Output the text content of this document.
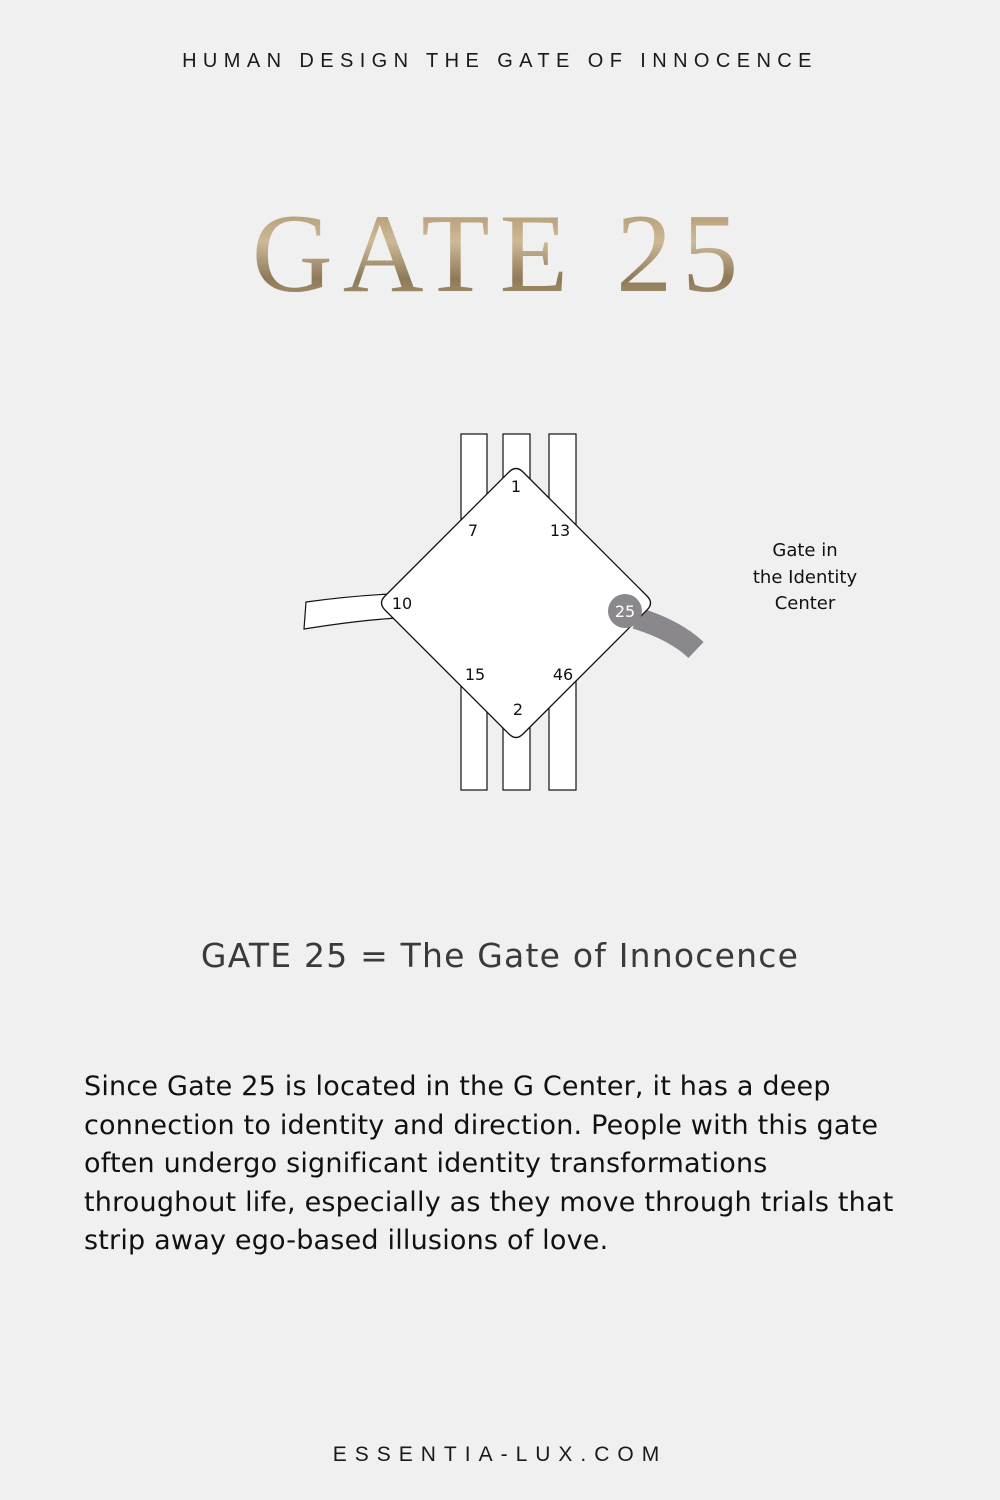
HUMAN DESIGN THE GATE OF INNOCENCE
GATE 25
1
7	13
10	25
15	46
2
Gate in
the Identity
Center
GATE 25 = The Gate of Innocence
Since Gate 25 is located in the G Center, it has a deep connection to identity and direction. People with this gate often undergo significant identity transformations throughout life, especially as they move through trials that strip away ego-based illusions of love.
ESSENTIA-LUX.COM
